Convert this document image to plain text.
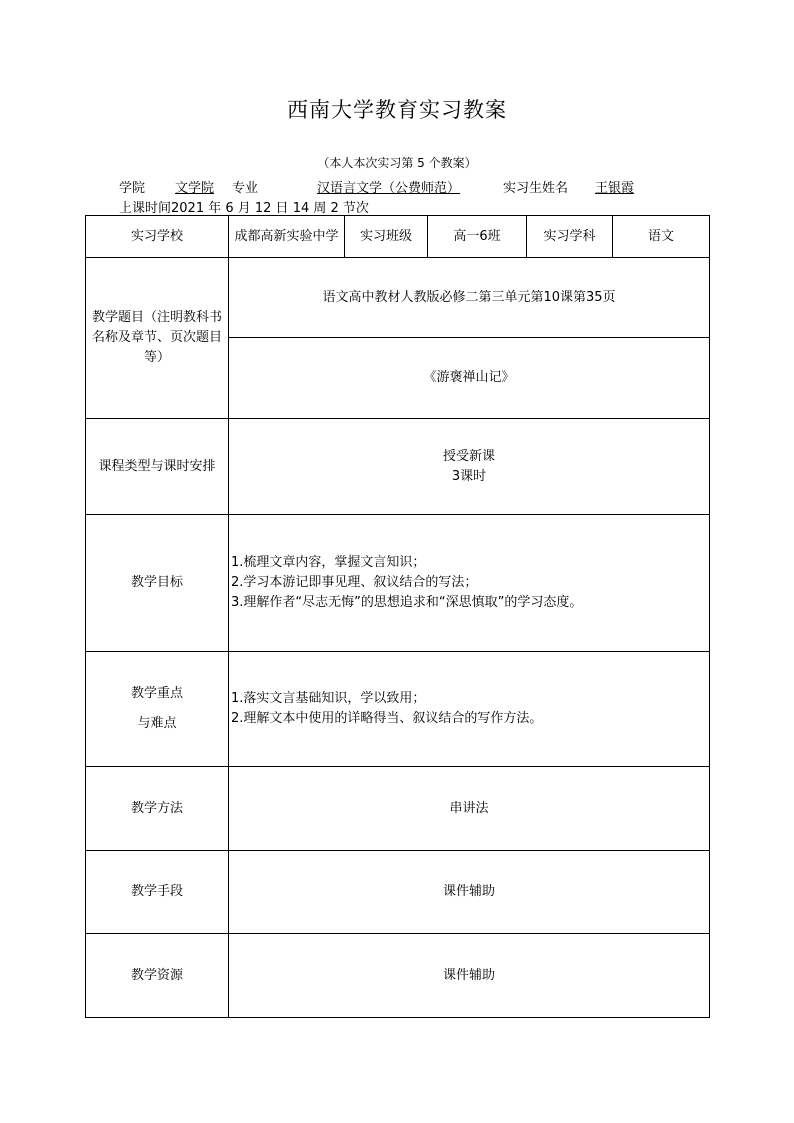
西南大学教育实习教案
（本人本次实习第 5 个教案）
学院	文学院 专业	汉语言文学（公费师范）	实习生姓名	王银霞
上课时间2021 年 6 月 12 日 14 周 2 节次
实习学校	成都高新实验中学	实习班级	高一6班	实习学科	语文
教学题目（注明教科书名称及章节、页次题目等）	语文高中教材人教版必修二第三单元第10课第35页				
	《游褒禅山记》				
课程类型与课时安排	授受新课
3课时				

教学目标	1.梳理文章内容，掌握文言知识；
2.学习本游记即事见理、叙议结合的写法；
3.理解作者“尽志无悔”的思想追求和“深思慎取”的学习态度。				

教学重点
与难点	1.落实文言基础知识，学以致用；
2.理解文本中使用的详略得当、叙议结合的写作方法。				

教学方法	串讲法				
教学手段	课件辅助				
教学资源	课件辅助				
